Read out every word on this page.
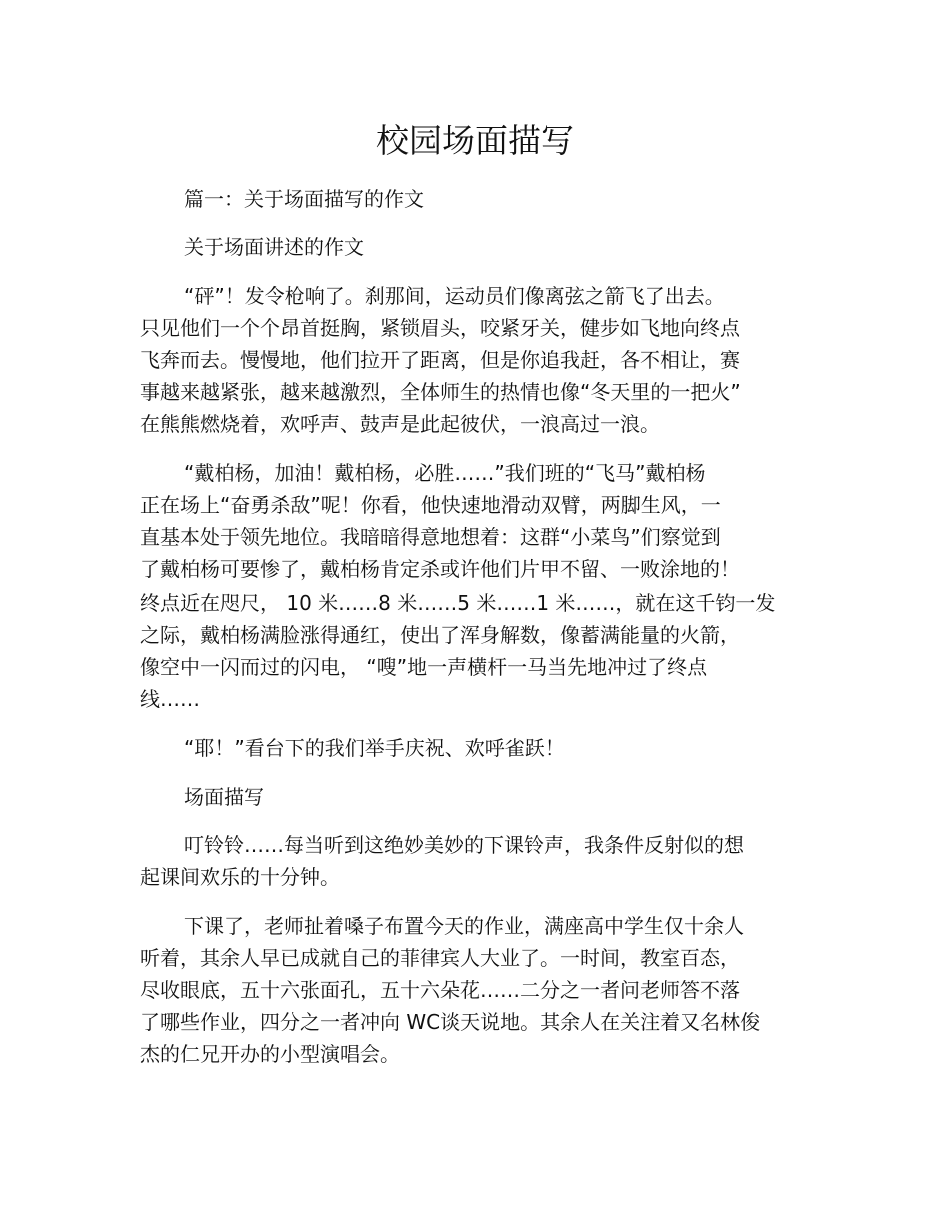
校园场面描写

篇一：关于场面描写的作文

关于场面讲述的作文

“砰”！发令枪响了。刹那间，运动员们像离弦之箭飞了出去。

只见他们一个个昂首挺胸，紧锁眉头，咬紧牙关，健步如飞地向终点

飞奔而去。慢慢地，他们拉开了距离，但是你追我赶，各不相让，赛

事越来越紧张，越来越激烈，全体师生的热情也像“冬天里的一把火”

在熊熊燃烧着，欢呼声、鼓声是此起彼伏，一浪高过一浪。

“戴柏杨，加油！戴柏杨，必胜……”我们班的“飞马”戴柏杨

正在场上“奋勇杀敌”呢！你看，他快速地滑动双臂，两脚生风，一

直基本处于领先地位。我暗暗得意地想着：这群“小菜鸟”们察觉到

了戴柏杨可要惨了，戴柏杨肯定杀或许他们片甲不留、一败涂地的！

终点近在咫尺， 10 米……8 米……5 米……1 米……，就在这千钧一发

之际，戴柏杨满脸涨得通红，使出了浑身解数，像蓄满能量的火箭，

像空中一闪而过的闪电， “嗖”地一声横杆一马当先地冲过了终点

线……

“耶！”看台下的我们举手庆祝、欢呼雀跃！

场面描写

叮铃铃……每当听到这绝妙美妙的下课铃声，我条件反射似的想

起课间欢乐的十分钟。

下课了，老师扯着嗓子布置今天的作业，满座高中学生仅十余人

听着，其余人早已成就自己的菲律宾人大业了。一时间，教室百态，

尽收眼底，五十六张面孔，五十六朵花……二分之一者问老师答不落

了哪些作业，四分之一者冲向 WC谈天说地。其余人在关注着又名林俊

杰的仁兄开办的小型演唱会。
